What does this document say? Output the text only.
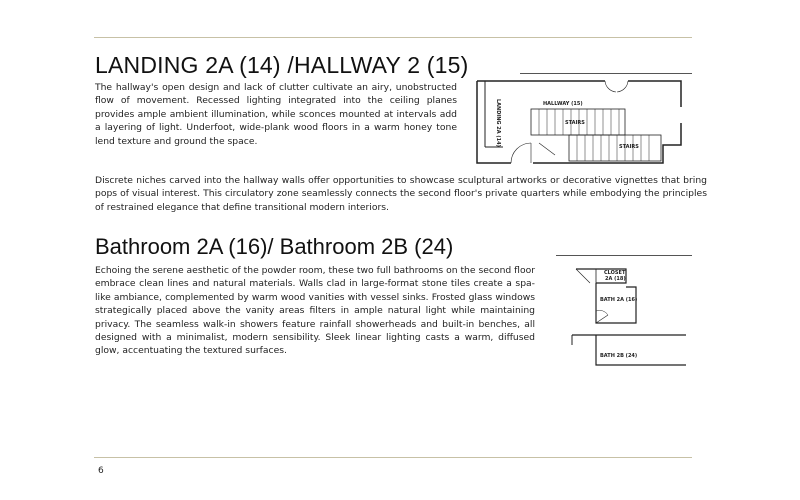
LANDING 2A (14) /HALLWAY 2 (15)

The hallway's open design and lack of clutter cultivate an airy, unobstructed flow of movement. Recessed lighting integrated into the ceiling planes provides ample ambient illumination, while sconces mounted at intervals add a layering of light. Underfoot, wide-plank wood floors in a warm honey tone lend texture and ground the space.

HALLWAY (15)
STAIRS
STAIRS
LANDING 2A (14)

Discrete niches carved into the hallway walls offer opportunities to showcase sculptural artworks or decorative vignettes that bring pops of visual interest. This circulatory zone seamlessly connects the second floor's private quarters while embodying the principles of restrained elegance that define transitional modern interiors.

Bathroom 2A (16)/ Bathroom 2B (24)

Echoing the serene aesthetic of the powder room, these two full bathrooms on the second floor embrace clean lines and natural materials. Walls clad in large-format stone tiles create a spa-like ambiance, complemented by warm wood vanities with vessel sinks. Frosted glass windows strategically placed above the vanity areas filters in ample natural light while maintaining privacy. The seamless walk-in showers feature rainfall showerheads and built-in benches, all designed with a minimalist, modern sensibility. Sleek linear lighting casts a warm, diffused glow, accentuating the textured surfaces.

CLOSET
2A (18)
BATH 2A (16)
BATH 2B (24)
6
